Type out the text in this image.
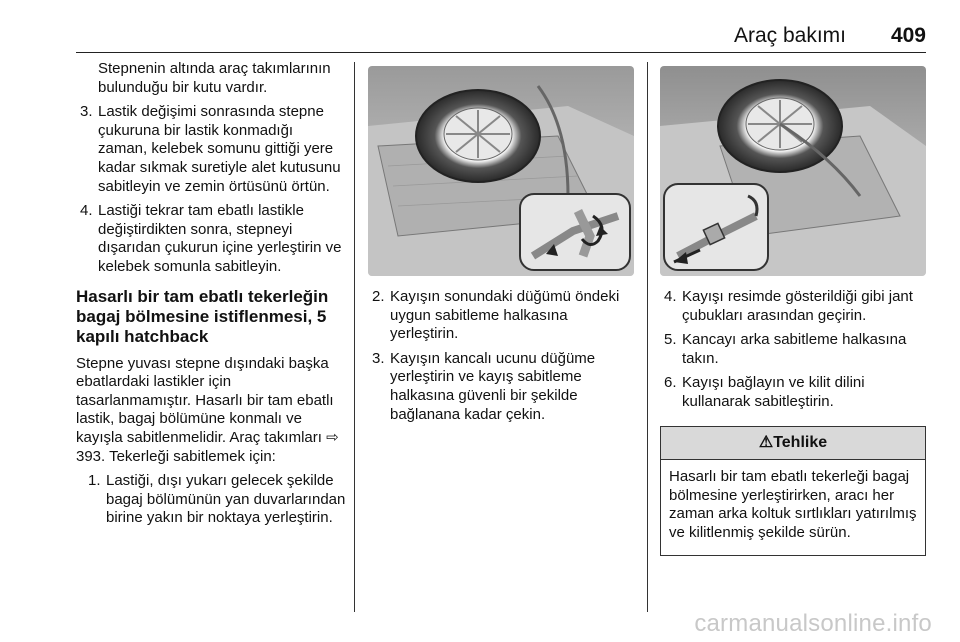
Araç bakımı 409
Stepnenin altında araç takımlarının bulunduğu bir kutu vardır.
3. Lastik değişimi sonrasında stepne çukuruna bir lastik konmadığı zaman, kelebek somunu gittiği yere kadar sıkmak suretiyle alet kutusunu sabitleyin ve zemin örtüsünü örtün.
4. Lastiği tekrar tam ebatlı lastikle değiştirdikten sonra, stepneyi dışarıdan çukurun içine yerleştirin ve kelebek somunla sabitleyin.
Hasarlı bir tam ebatlı tekerleğin bagaj bölmesine istiflenmesi, 5 kapılı hatchback
Stepne yuvası stepne dışındaki başka ebatlardaki lastikler için tasarlanmamıştır. Hasarlı bir tam ebatlı lastik, bagaj bölümüne konmalı ve kayışla sabitlenmelidir. Araç takımları ⇨ 393. Tekerleği sabitlemek için:
1. Lastiği, dışı yukarı gelecek şekilde bagaj bölümünün yan duvarlarından birine yakın bir noktaya yerleştirin.
2. Kayışın sonundaki düğümü öndeki uygun sabitleme halkasına yerleştirin.
3. Kayışın kancalı ucunu düğüme yerleştirin ve kayış sabitleme halkasına güvenli bir şekilde bağlanana kadar çekin.
4. Kayışı resimde gösterildiği gibi jant çubukları arasından geçirin.
5. Kancayı arka sabitleme halkasına takın.
6. Kayışı bağlayın ve kilit dilini kullanarak sabitleştirin.
⚠Tehlike
Hasarlı bir tam ebatlı tekerleği bagaj bölmesine yerleştirirken, aracı her zaman arka koltuk sırtlıkları yatırılmış ve kilitlenmiş şekilde sürün.
carmanualsonline.info
